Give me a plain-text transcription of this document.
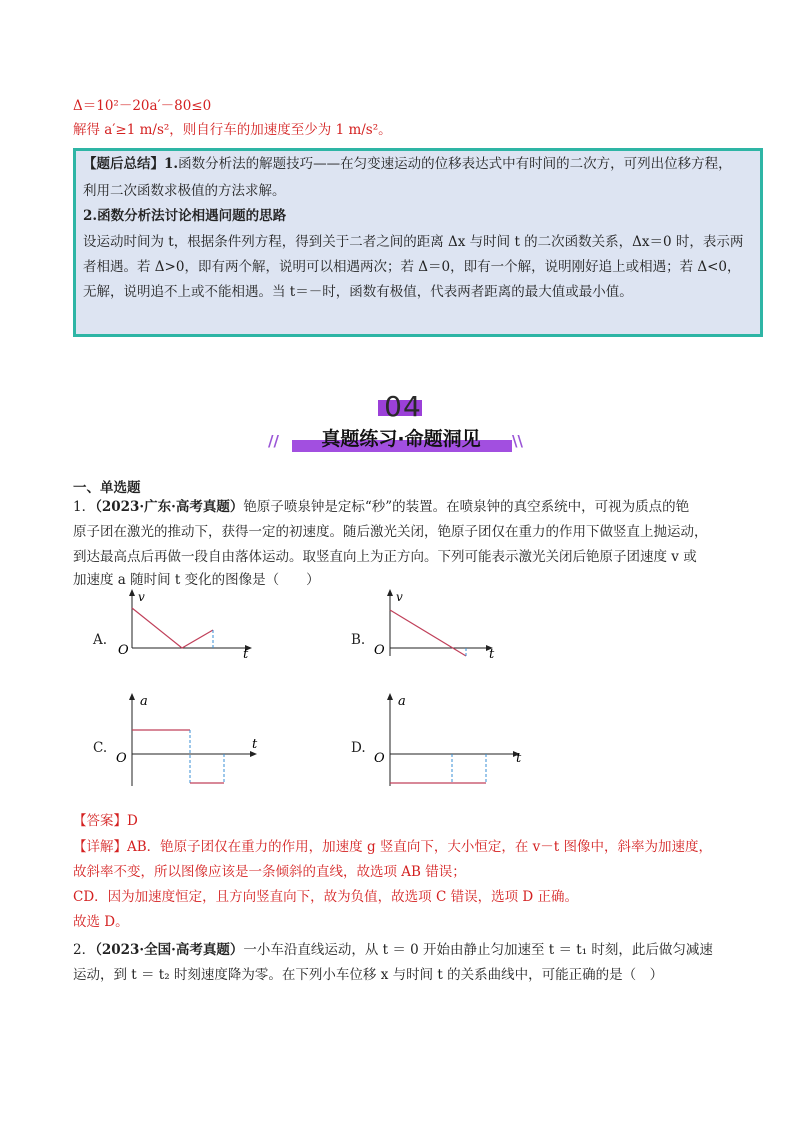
Δ＝10²－20a′－80≤0
解得 a′≥1 m/s²，则自行车的加速度至少为 1 m/s²。
【题后总结】1.函数分析法的解题技巧——在匀变速运动的位移表达式中有时间的二次方，可列出位移方程，
利用二次函数求极值的方法求解。
2.函数分析法讨论相遇问题的思路
设运动时间为 t，根据条件列方程，得到关于二者之间的距离 Δx 与时间 t 的二次函数关系，Δx＝0 时，表示两
者相遇。若 Δ>0，即有两个解，说明可以相遇两次；若 Δ＝0，即有一个解，说明刚好追上或相遇；若 Δ<0，
无解，说明追不上或不能相遇。当 t＝－时，函数有极值，代表两者距离的最大值或最小值。
04
//	真题练习·命题洞见	\\
一、单选题
1．（2023·广东·高考真题）铯原子喷泉钟是定标“秒”的装置。在喷泉钟的真空系统中，可视为质点的铯
原子团在激光的推动下，获得一定的初速度。随后激光关闭，铯原子团仅在重力的作用下做竖直上抛运动，
到达最高点后再做一段自由落体运动。取竖直向上为正方向。下列可能表示激光关闭后铯原子团速度 v 或
加速度 a 随时间 t 变化的图像是（　　）
A.	B.
C.	D.
v
O	t
v
O	t
a
O
t
a
O	t
【答案】D
【详解】AB．铯原子团仅在重力的作用，加速度 g 竖直向下，大小恒定，在 v－t 图像中，斜率为加速度，
故斜率不变，所以图像应该是一条倾斜的直线，故选项 AB 错误；
CD．因为加速度恒定，且方向竖直向下，故为负值，故选项 C 错误，选项 D 正确。
故选 D。
2．（2023·全国·高考真题）一小车沿直线运动，从 t ＝ 0 开始由静止匀加速至 t ＝ t₁ 时刻，此后做匀减速
运动，到 t ＝ t₂ 时刻速度降为零。在下列小车位移 x 与时间 t 的关系曲线中，可能正确的是（　）
